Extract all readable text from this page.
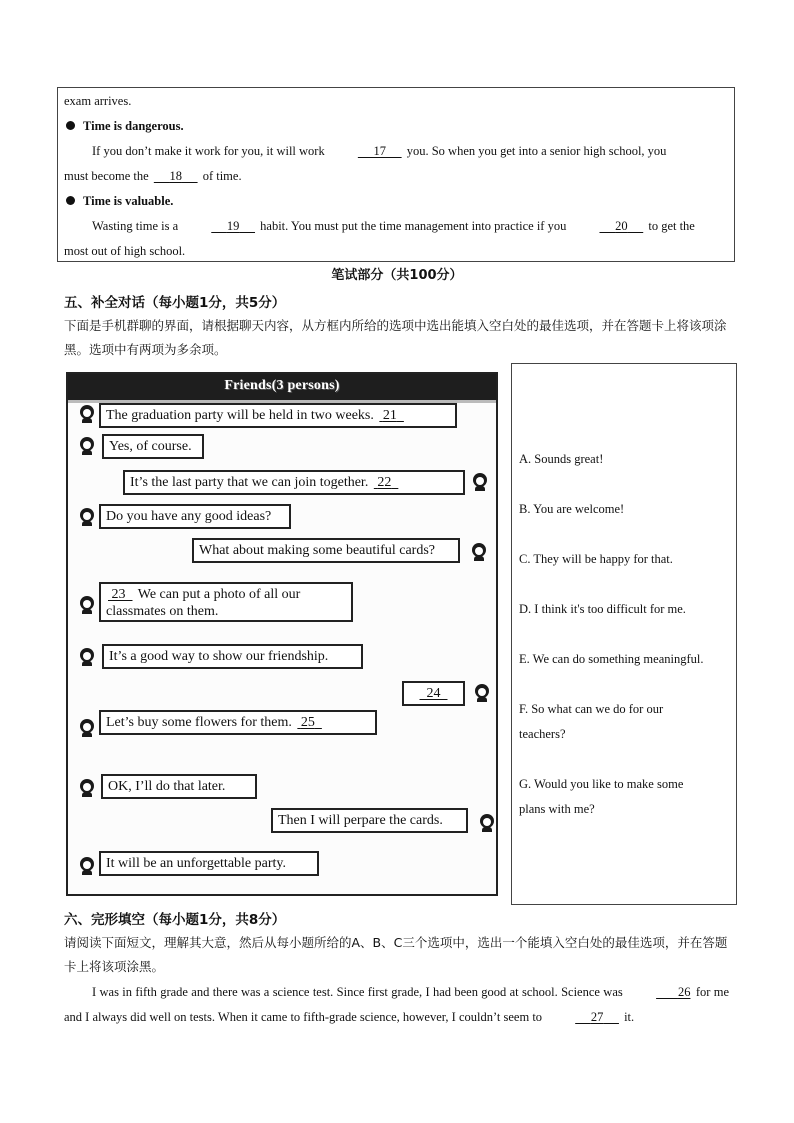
exam arrives.

Time is dangerous.

If you don’t make it work for you, it will work	17 you. So when you get into a senior high school, you

must become the 18 of time.

Time is valuable.

Wasting time is a	19 habit. You must put the time management into practice if you	20 to get the

most out of high school.

笔试部分（共100分）
五、补全对话（每小题1分，共5分）
下面是手机群聊的界面，请根据聊天内容，从方框内所给的选项中选出能填入空白处的最佳选项，并在答题卡上将该项涂黑。选项中有两项为多余项。
Friends(3 persons)
The graduation party will be held in two weeks. 21
Yes, of course.
It’s the last party that we can join together. 22
Do you have any good ideas?
What about making some beautiful cards?
23 We can put a photo of all our
classmates on them.
It’s a good way to show our friendship.
24
Let’s buy some flowers for them. 25
OK, I’ll do that later.
Then I will perpare the cards.
It will be an unforgettable party.
A. Sounds great!
B. You are welcome!
C. They will be happy for that.
D. I think it's too difficult for me.
E. We can do something meaningful.
F. So what can we do for our
teachers?
G. Would you like to make some
plans with me?
六、完形填空（每小题1分，共8分）
请阅读下面短文，理解其大意，然后从每小题所给的A、B、C三个选项中，选出一个能填入空白处的最佳选项，并在答题卡上将该项涂黑。
I was in fifth grade and there was a science test. Since first grade, I had been good at school. Science was	26 for me and I always did well on tests. When it came to fifth-grade science, however, I couldn’t seem to	27 it.
